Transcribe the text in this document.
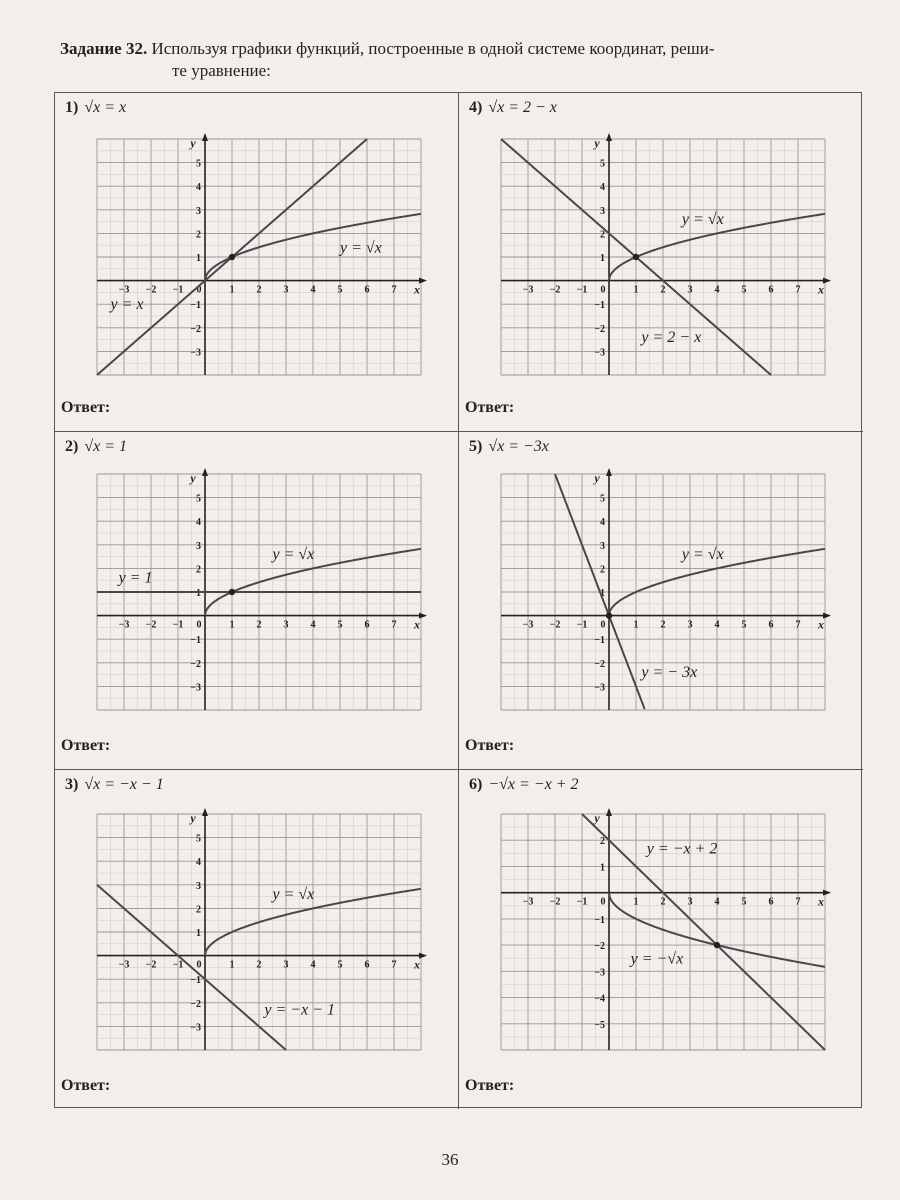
Задание 32. Используя графики функций, построенные в одной системе координат, реши-
те уравнение:
1) √x = x
−3 −2 −1 0	1 2 3 4 5 6 7
−3
−2
−1
1
2
3
4
5
x
y
y = x
y = √x
Ответ:
4) √x = 2 − x
−3 −2 −1 0	1 2 3 4 5 6 7
−3
−2
−1
1
2
3
4
5
x
y
y = 2 − x
y = √x
Ответ:
2) √x = 1
−3 −2 −1 0	1 2 3 4 5 6 7
−3
−2
−1
1
2
3
4
5
x
y
y = 1
y = √x
Ответ:
5) √x = −3x
−3 −2 −1 0	1 2 3 4 5 6 7
−3
−2
−1
1
2
3
4
5
x
y
y = − 3x
y = √x
Ответ:
3) √x = −x − 1
−3 −2 −1 0	1 2 3 4 5 6 7
−3
−2
−1
1
2
3
4
5
x
y
y = −x − 1
y = √x
Ответ:
6) −√x = −x + 2
−3 −2 −1 0	1 2 3 4 5 6 7
−5
−4
−3
−2
−1
1
2
x
y
y = −x + 2
y = −√x
Ответ:
36
